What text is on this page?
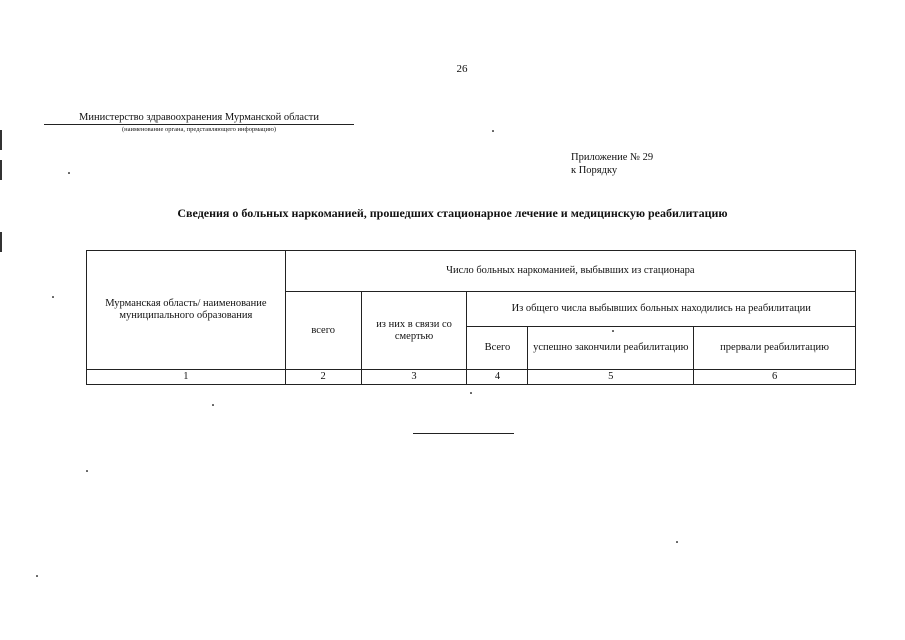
26
Министерство здравоохранения Мурманской области
(наименование органа, представляющего информацию)
Приложение № 29
к Порядку
Сведения о больных наркоманией, прошедших стационарное лечение и медицинскую реабилитацию
Мурманская область/ наименование муниципального образования	Число больных наркоманией, выбывших из стационара				
	всего	из них в связи со смертью	Из общего числа выбывших больных находились на реабилитации		
			Всего	успешно закончили реабилитацию	прервали реабилитацию
1	2	3	4	5	6
